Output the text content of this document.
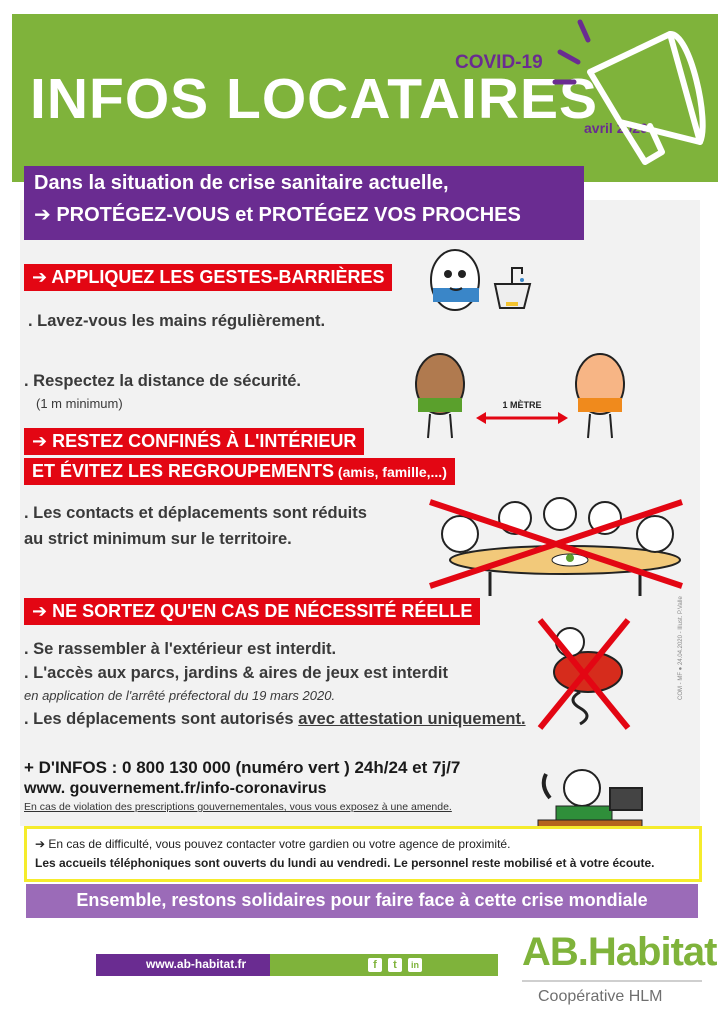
INFOS LOCATAIRES
COVID-19
avril 2020
Dans la situation de crise sanitaire actuelle,
➔ PROTÉGEZ-VOUS et PROTÉGEZ VOS PROCHES
➔ APPLIQUEZ LES GESTES-BARRIÈRES
. Lavez-vous les mains régulièrement.
. Respectez la distance de sécurité.
(1 m minimum)	1 MÈTRE
➔ RESTEZ CONFINÉS À L'INTÉRIEUR
ET ÉVITEZ LES REGROUPEMENTS (amis, famille,...)
. Les contacts et déplacements sont réduits
au strict minimum sur le territoire.
➔ NE SORTEZ QU'EN CAS DE NÉCESSITÉ RÉELLE
. Se rassembler à l'extérieur est interdit.
. L'accès aux parcs, jardins & aires de jeux est interdit
en application de l'arrêté préfectoral du 19 mars 2020.
. Les déplacements sont autorisés avec attestation uniquement.
+ D'INFOS : 0 800 130 000 (numéro vert ) 24h/24 et 7j/7
www. gouvernement.fr/info-coronavirus
En cas de violation des prescriptions gouvernementales, vous vous exposez à une amende.
COM - MF ● 24.04.2020 - Illust. P.Valle
➔ En cas de difficulté, vous pouvez contacter votre gardien ou votre agence de proximité.
Les accueils téléphoniques sont ouverts du lundi au vendredi. Le personnel reste mobilisé et à votre écoute.
Ensemble, restons solidaires pour faire face à cette crise mondiale
www.ab-habitat.fr	f	t	in	AB.Habitat
Coopérative HLM
